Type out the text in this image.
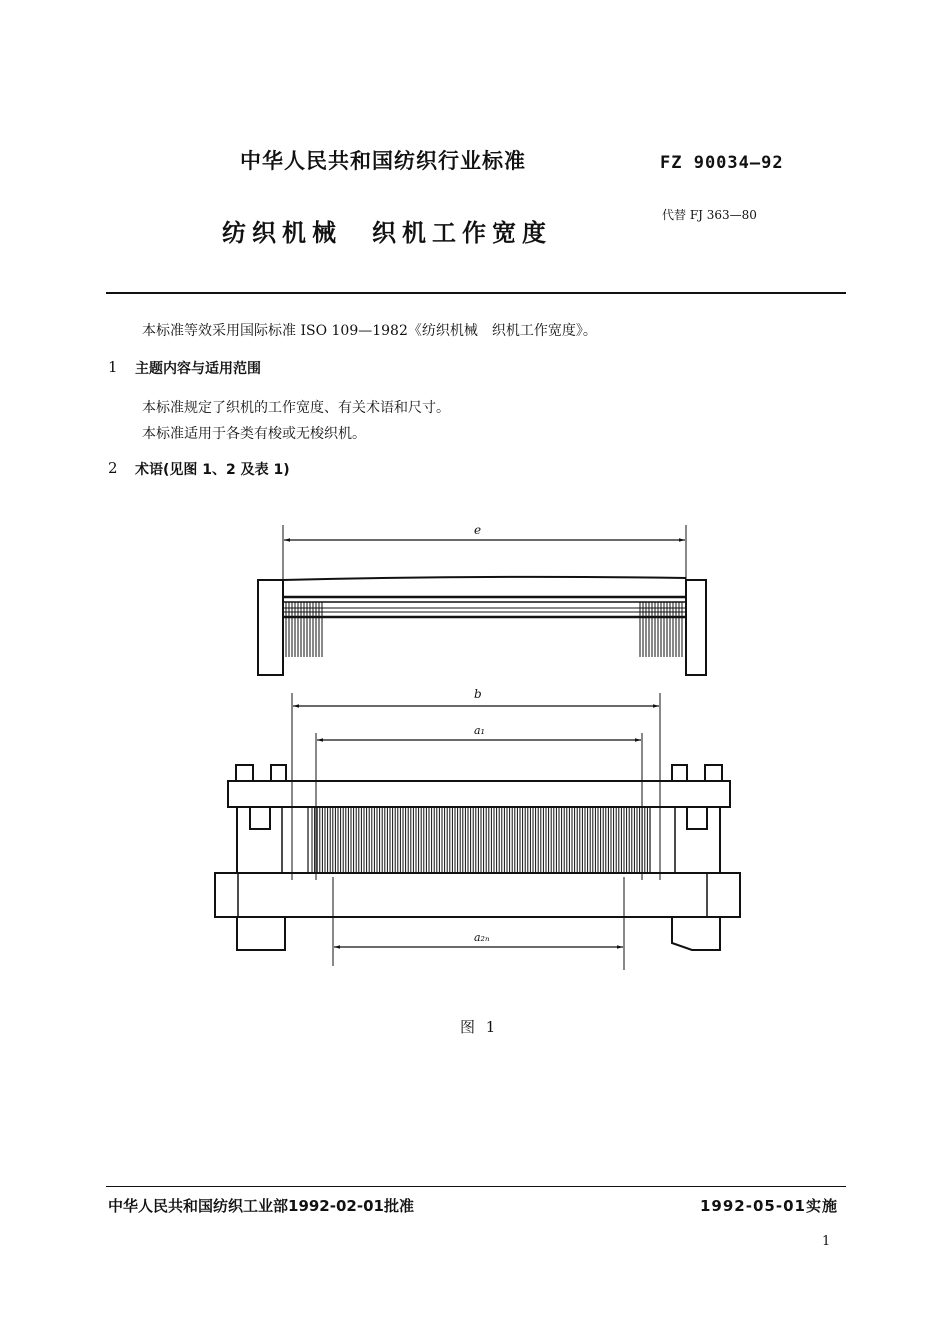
中华人民共和国纺织行业标准	FZ 90034—92
纺织机械　织机工作宽度
代替 FJ 363—80
本标准等效采用国际标准 ISO 109—1982《纺织机械　织机工作宽度》。
1 主题内容与适用范围
本标准规定了织机的工作宽度、有关术语和尺寸。
本标准适用于各类有梭或无梭织机。
2 术语(见图 1、2 及表 1)
e
b
a₁
a₂ₙ
图 1
中华人民共和国纺织工业部1992-02-01批准	1992-05-01实施
1
